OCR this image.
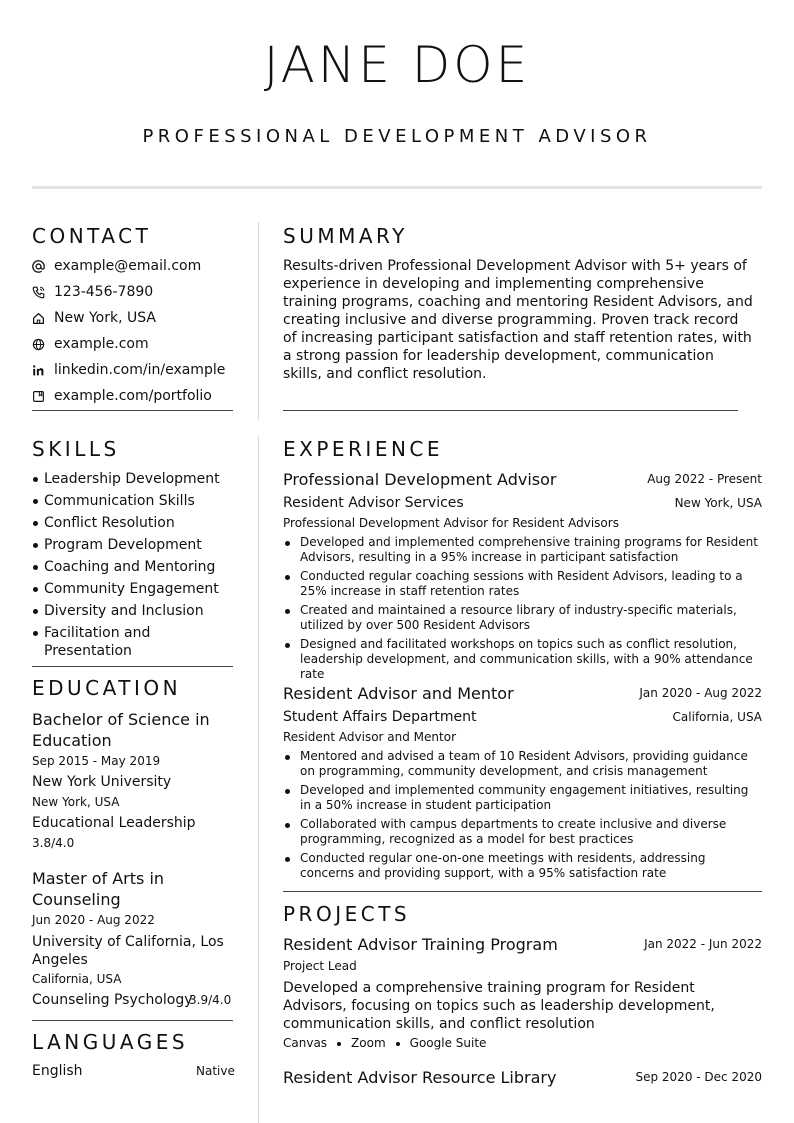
JANE DOE
PROFESSIONAL DEVELOPMENT ADVISOR
CONTACT
example@email.com
123-456-7890
New York, USA
example.com
linkedin.com/in/example
example.com/portfolio
SKILLS
Leadership Development
Communication Skills
Conflict Resolution
Program Development
Coaching and Mentoring
Community Engagement
Diversity and Inclusion
Facilitation and Presentation
EDUCATION
Bachelor of Science in Education
Sep 2015 - May 2019
New York University
New York, USA
Educational Leadership
3.8/4.0
Master of Arts in Counseling
Jun 2020 - Aug 2022
University of California, Los Angeles
California, USA
Counseling Psychology
3.9/4.0
LANGUAGES
English	Native
SUMMARY
Results-driven Professional Development Advisor with 5+ years of experience in developing and implementing comprehensive training programs, coaching and mentoring Resident Advisors, and creating inclusive and diverse programming. Proven track record of increasing participant satisfaction and staff retention rates, with a strong passion for leadership development, communication skills, and conflict resolution.
EXPERIENCE
Professional Development Advisor	Aug 2022 - Present
Resident Advisor Services	New York, USA
Professional Development Advisor for Resident Advisors
Developed and implemented comprehensive training programs for Resident Advisors, resulting in a 95% increase in participant satisfaction
Conducted regular coaching sessions with Resident Advisors, leading to a 25% increase in staff retention rates
Created and maintained a resource library of industry-specific materials, utilized by over 500 Resident Advisors
Designed and facilitated workshops on topics such as conflict resolution, leadership development, and communication skills, with a 90% attendance rate
Resident Advisor and Mentor	Jan 2020 - Aug 2022
Student Affairs Department	California, USA
Resident Advisor and Mentor
Mentored and advised a team of 10 Resident Advisors, providing guidance on programming, community development, and crisis management
Developed and implemented community engagement initiatives, resulting in a 50% increase in student participation
Collaborated with campus departments to create inclusive and diverse programming, recognized as a model for best practices
Conducted regular one-on-one meetings with residents, addressing concerns and providing support, with a 95% satisfaction rate
PROJECTS
Resident Advisor Training Program	Jan 2022 - Jun 2022
Project Lead
Developed a comprehensive training program for Resident Advisors, focusing on topics such as leadership development, communication skills, and conflict resolution
Canvas Zoom Google Suite
Resident Advisor Resource Library	Sep 2020 - Dec 2020
